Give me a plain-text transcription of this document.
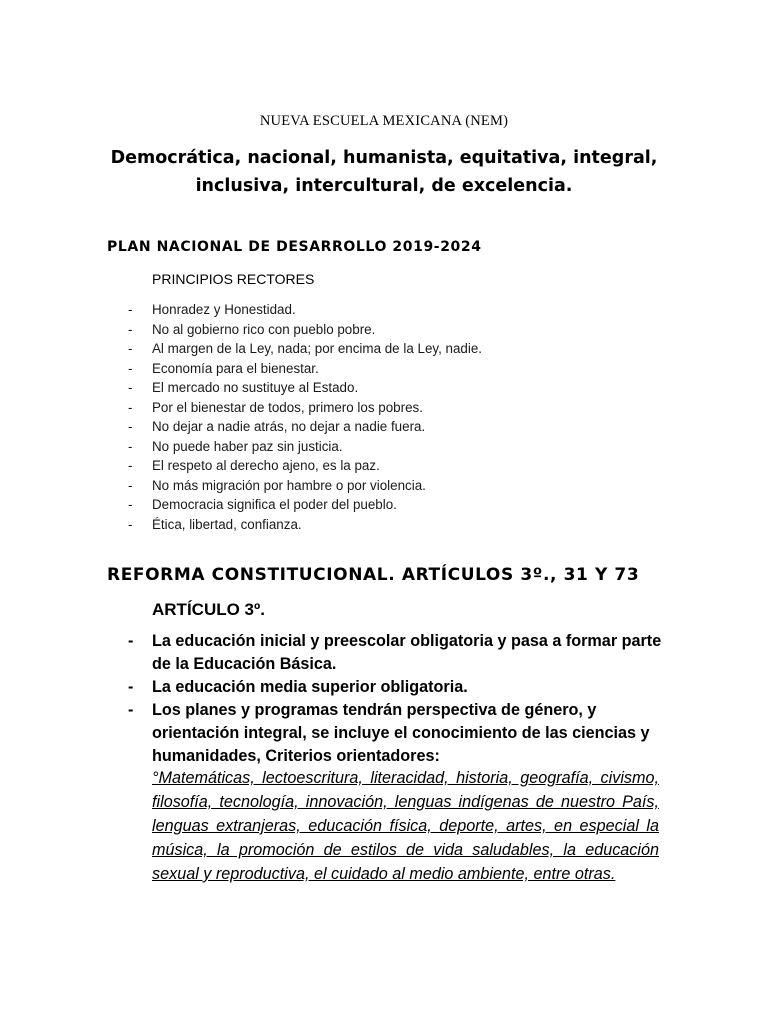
NUEVA ESCUELA MEXICANA (NEM)
Democrática, nacional, humanista, equitativa, integral,
inclusiva, intercultural, de excelencia.
PLAN NACIONAL DE DESARROLLO 2019-2024
PRINCIPIOS RECTORES
- Honradez y Honestidad.
- No al gobierno rico con pueblo pobre.
- Al margen de la Ley, nada; por encima de la Ley, nadie.
- Economía para el bienestar.
- El mercado no sustituye al Estado.
- Por el bienestar de todos, primero los pobres.
- No dejar a nadie atrás, no dejar a nadie fuera.
- No puede haber paz sin justicia.
- El respeto al derecho ajeno, es la paz.
- No más migración por hambre o por violencia.
- Democracia significa el poder del pueblo.
- Ética, libertad, confianza.
REFORMA CONSTITUCIONAL. ARTÍCULOS 3º., 31 Y 73
ARTÍCULO 3º.
- La educación inicial y preescolar obligatoria y pasa a formar parte de la Educación Básica.
- La educación media superior obligatoria.
- Los planes y programas tendrán perspectiva de género, y orientación integral, se incluye el conocimiento de las ciencias y humanidades, Criterios orientadores:
°Matemáticas, lectoescritura, literacidad, historia, geografía, civismo, filosofía, tecnología, innovación, lenguas indígenas de nuestro País, lenguas extranjeras, educación física, deporte, artes, en especial la música, la promoción de estilos de vida saludables, la educación sexual y reproductiva, el cuidado al medio ambiente, entre otras.
